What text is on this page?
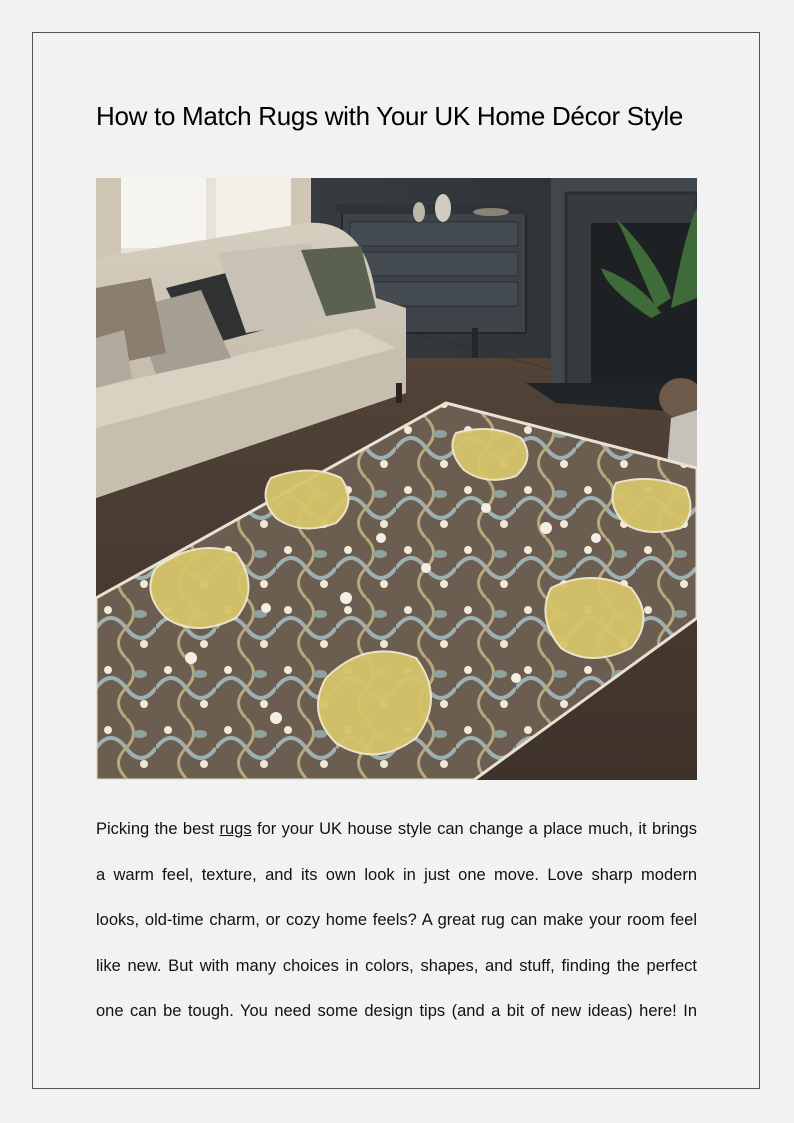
How to Match Rugs with Your UK Home Décor Style
Picking the best rugs for your UK house style can change a place much, it brings
a warm feel, texture, and its own look in just one move. Love sharp modern
looks, old-time charm, or cozy home feels? A great rug can make your room feel
like new. But with many choices in colors, shapes, and stuff, finding the perfect
one can be tough. You need some design tips (and a bit of new ideas) here! In
